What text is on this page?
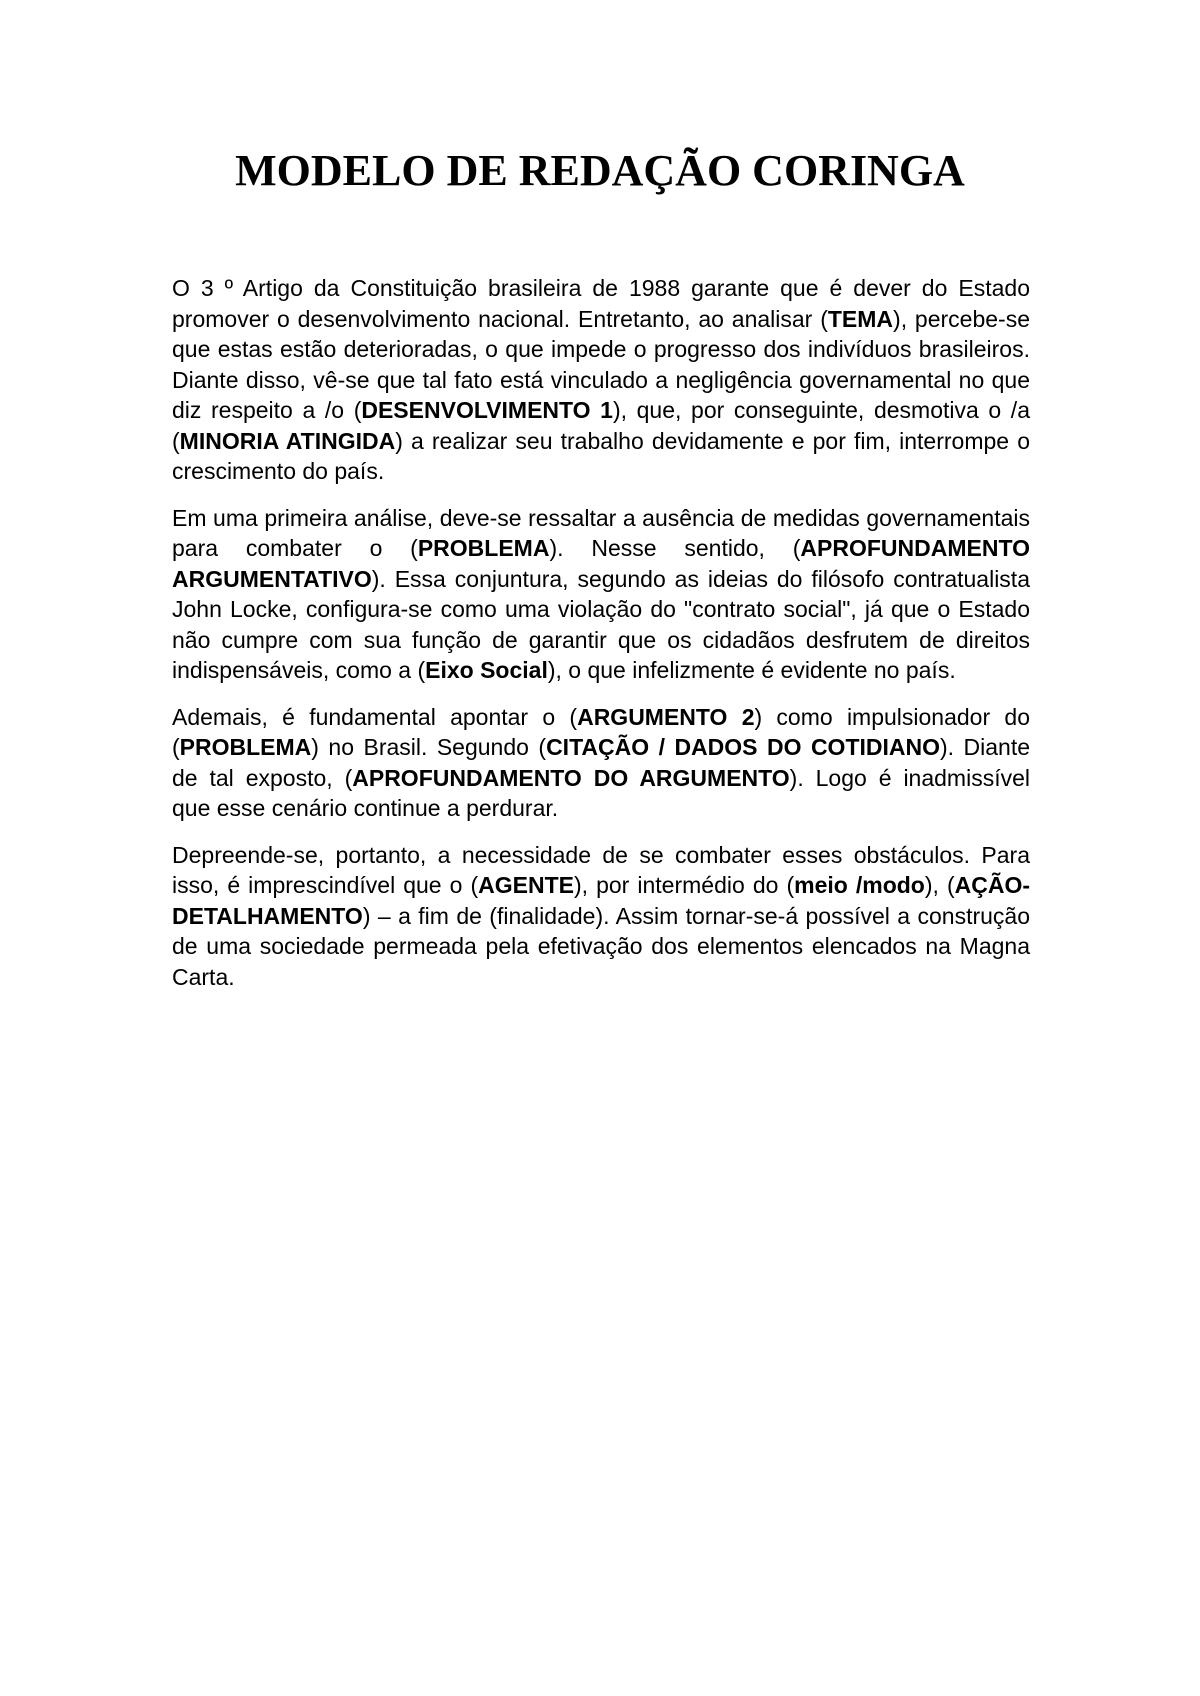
MODELO DE REDAÇÃO CORINGA

O 3 º Artigo da Constituição brasileira de 1988 garante que é dever do Estado promover o desenvolvimento nacional. Entretanto, ao analisar (TEMA), percebe-se que estas estão deterioradas, o que impede o progresso dos indivíduos brasileiros. Diante disso, vê-se que tal fato está vinculado a negligência governamental no que diz respeito a /o (DESENVOLVIMENTO 1), que, por conseguinte, desmotiva o /a (MINORIA ATINGIDA) a realizar seu trabalho devidamente e por fim, interrompe o crescimento do país.

Em uma primeira análise, deve-se ressaltar a ausência de medidas governamentais para combater o (PROBLEMA). Nesse sentido, (APROFUNDAMENTO ARGUMENTATIVO). Essa conjuntura, segundo as ideias do filósofo contratualista John Locke, configura-se como uma violação do "contrato social", já que o Estado não cumpre com sua função de garantir que os cidadãos desfrutem de direitos indispensáveis, como a (Eixo Social), o que infelizmente é evidente no país.

Ademais, é fundamental apontar o (ARGUMENTO 2) como impulsionador do (PROBLEMA) no Brasil. Segundo (CITAÇÃO / DADOS DO COTIDIANO). Diante de tal exposto, (APROFUNDAMENTO DO ARGUMENTO). Logo é inadmissível que esse cenário continue a perdurar.

Depreende-se, portanto, a necessidade de se combater esses obstáculos. Para isso, é imprescindível que o (AGENTE), por intermédio do (meio /modo), (AÇÃO-DETALHAMENTO) – a fim de (finalidade). Assim tornar-se-á possível a construção de uma sociedade permeada pela efetivação dos elementos elencados na Magna Carta.
